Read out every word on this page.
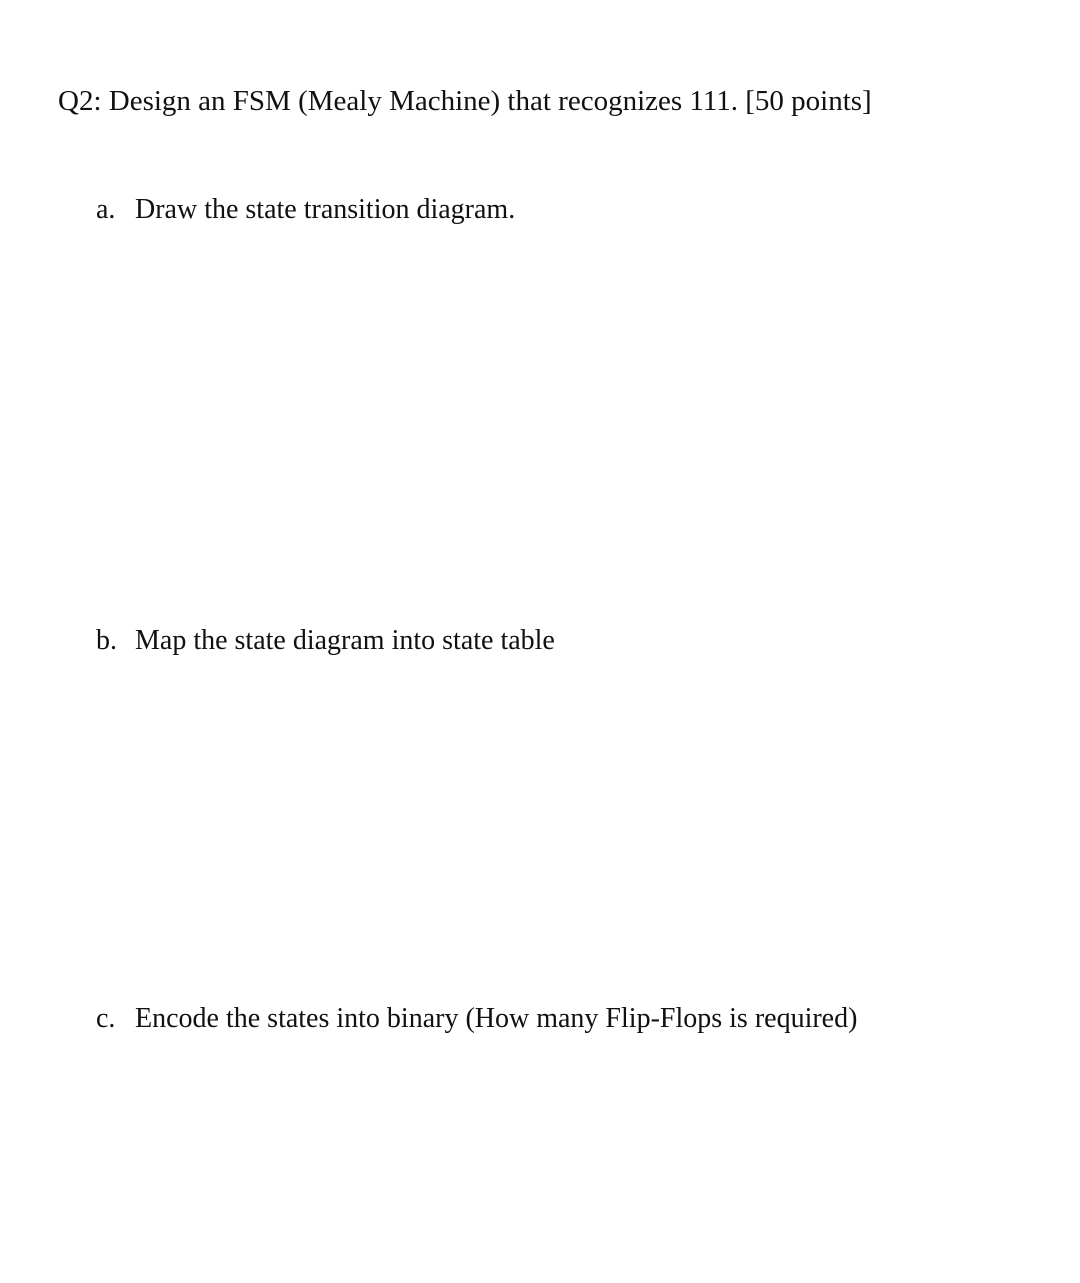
Q2: Design an FSM (Mealy Machine) that recognizes 111. [50 points]
a. Draw the state transition diagram.
b. Map the state diagram into state table
c. Encode the states into binary (How many Flip-Flops is required)
